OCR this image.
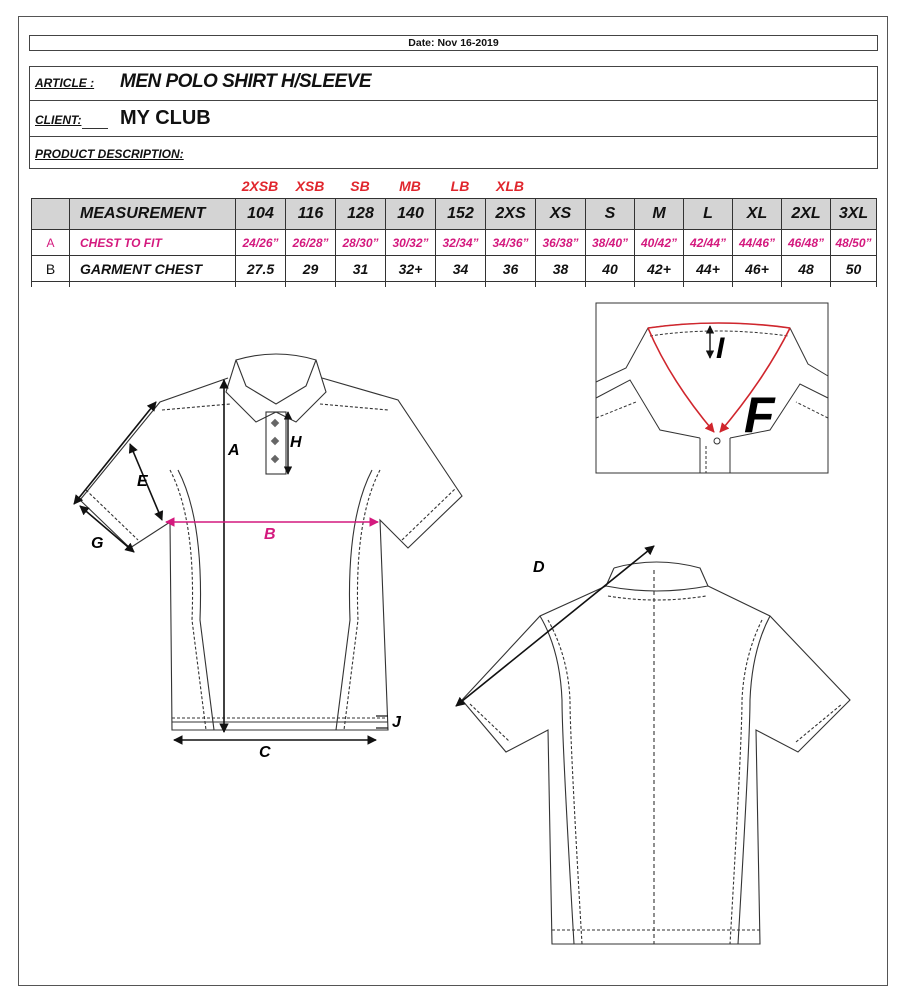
Date: Nov 16-2019
ARTICLE : MEN POLO SHIRT H/SLEEVE
CLIENT: MY CLUB
PRODUCT DESCRIPTION:
2XSB	XSB	SB	MB	LB	XLB
	MEASUREMENT	104	116	128	140	152	2XS	XS	S	M	L	XL	2XL	3XL
A	CHEST TO FIT	24/26”	26/28”	28/30”	30/32”	32/34”	34/36”	36/38”	38/40”	40/42”	42/44”	44/46”	46/48”	48/50”
B	GARMENT CHEST	27.5	29	31	32+	34	36	38	40	42+	44+	46+	48	50

A
B
C
E
G
H
J
I
F
D
